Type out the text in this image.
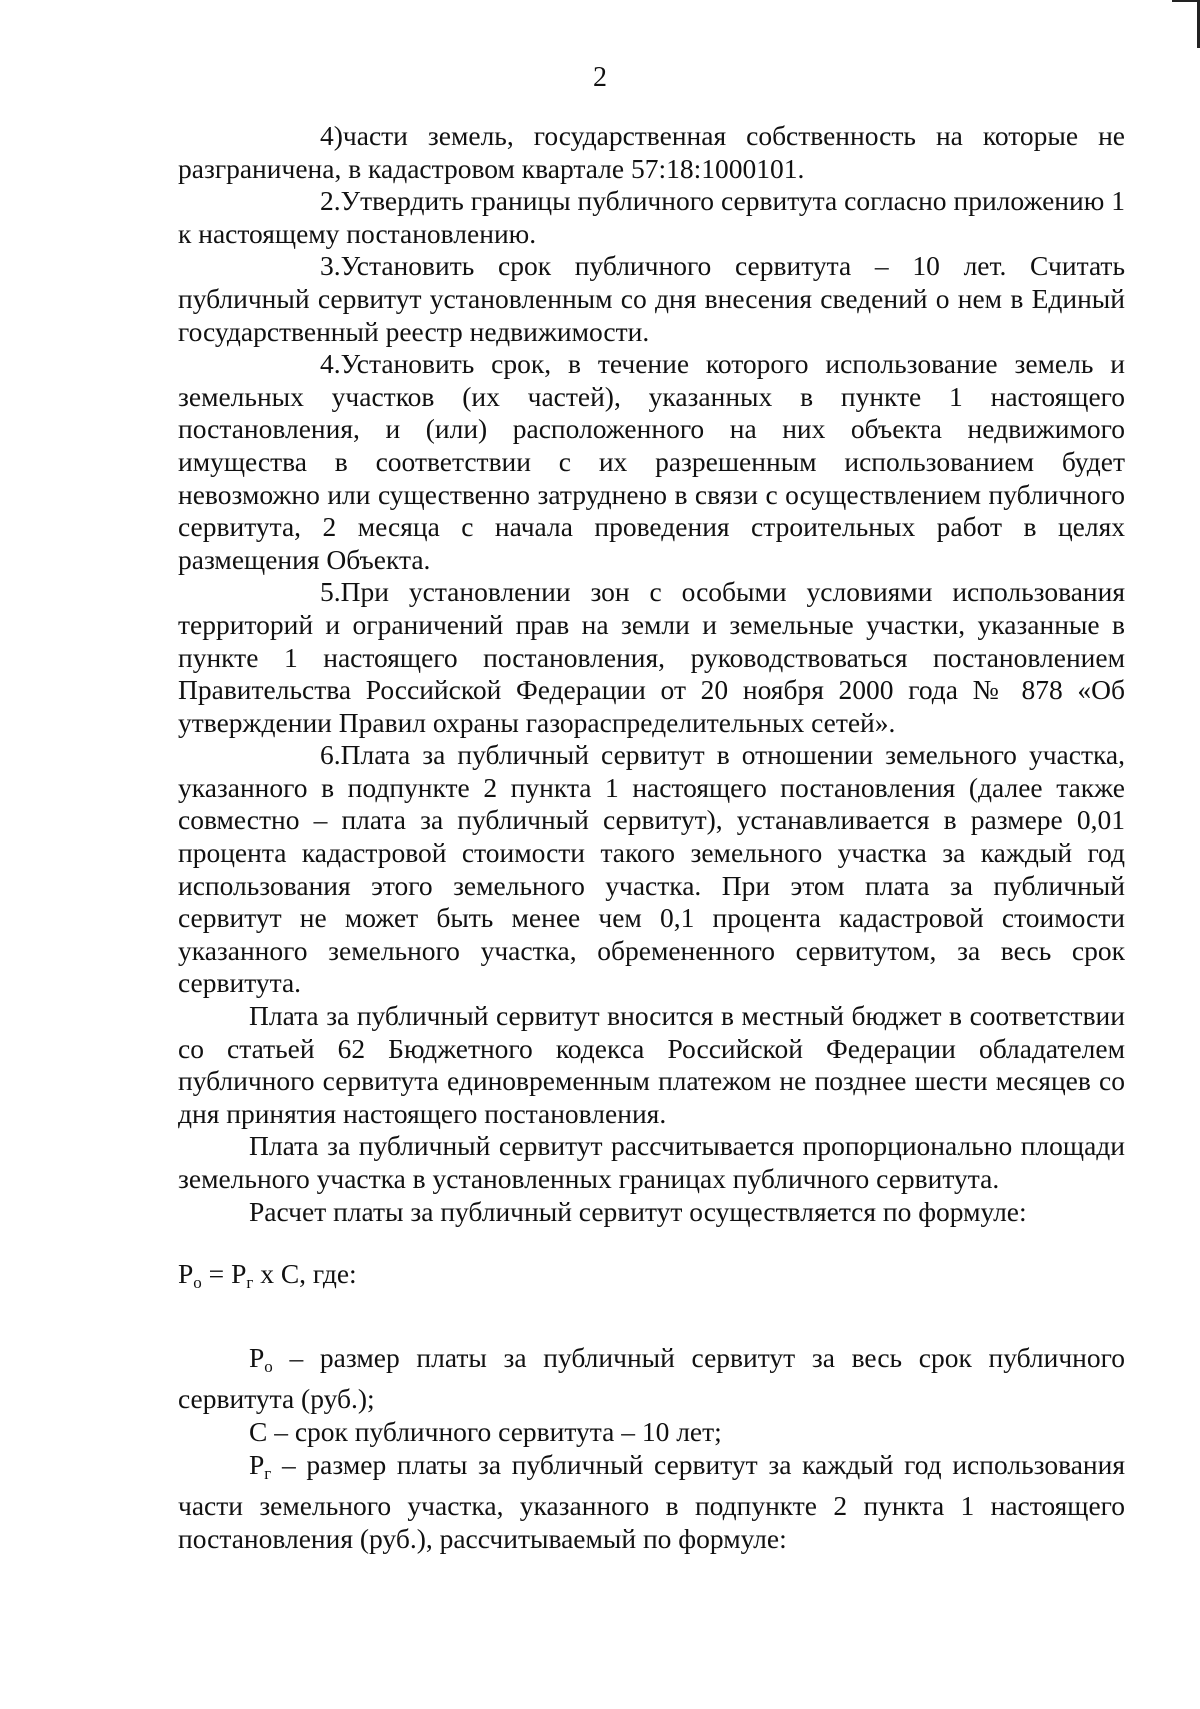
2

4)части земель, государственная собственность на которые не разграничена, в кадастровом квартале 57:18:1000101.

2.Утвердить границы публичного сервитута согласно приложению 1 к настоящему постановлению.

3.Установить срок публичного сервитута – 10 лет. Считать публичный сервитут установленным со дня внесения сведений о нем в Единый государственный реестр недвижимости.

4.Установить срок, в течение которого использование земель и земельных участков (их частей), указанных в пункте 1 настоящего постановления, и (или) расположенного на них объекта недвижимого имущества в соответствии с их разрешенным использованием будет невозможно или существенно затруднено в связи с осуществлением публичного сервитута, 2 месяца с начала проведения строительных работ в целях размещения Объекта.

5.При установлении зон с особыми условиями использования территорий и ограничений прав на земли и земельные участки, указанные в пункте 1 настоящего постановления, руководствоваться постановлением Правительства Российской Федерации от 20 ноября 2000 года № 878 «Об утверждении Правил охраны газораспределительных сетей».

6.Плата за публичный сервитут в отношении земельного участка, указанного в подпункте 2 пункта 1 настоящего постановления (далее также совместно – плата за публичный сервитут), устанавливается в размере 0,01 процента кадастровой стоимости такого земельного участка за каждый год использования этого земельного участка. При этом плата за публичный сервитут не может быть менее чем 0,1 процента кадастровой стоимости указанного земельного участка, обремененного сервитутом, за весь срок сервитута.

Плата за публичный сервитут вносится в местный бюджет в соответствии со статьей 62 Бюджетного кодекса Российской Федерации обладателем публичного сервитута единовременным платежом не позднее шести месяцев со дня принятия настоящего постановления.

Плата за публичный сервитут рассчитывается пропорционально площади земельного участка в установленных границах публичного сервитута.

Расчет платы за публичный сервитут осуществляется по формуле:

$P_о = P_г$ х С, где:

$P_о$ – размер платы за публичный сервитут за весь срок публичного сервитута (руб.);

С – срок публичного сервитута – 10 лет;

$P_г$ – размер платы за публичный сервитут за каждый год использования части земельного участка, указанного в подпункте 2 пункта 1 настоящего постановления (руб.), рассчитываемый по формуле:
